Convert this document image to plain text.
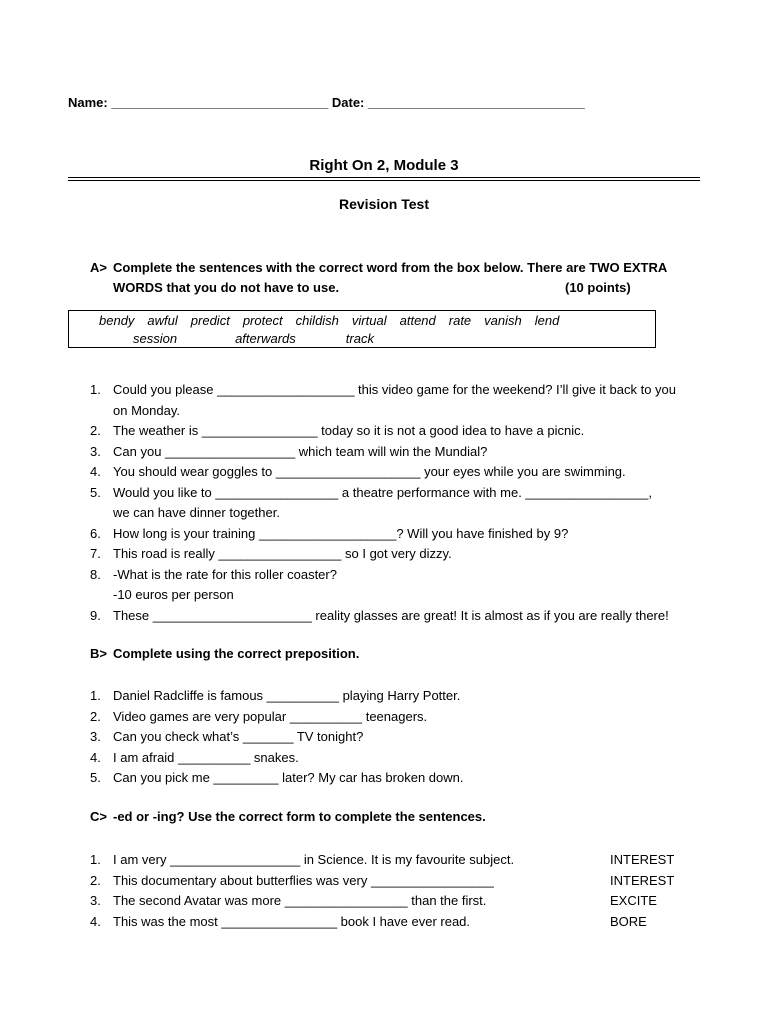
Name: ______________________________ Date: ______________________________
Right On 2, Module 3
Revision Test
A> Complete the sentences with the correct word from the box below. There are TWO EXTRA
WORDS that you do not have to use.	(10 points)
bendy awful predict protect childish virtual attend rate vanish lend
session	afterwards	track
1. Could you please ___________________ this video game for the weekend? I’ll give it back to you
on Monday.
2. The weather is ________________ today so it is not a good idea to have a picnic.
3. Can you __________________ which team will win the Mundial?
4. You should wear goggles to ____________________ your eyes while you are swimming.
5. Would you like to _________________ a theatre performance with me. _________________,
we can have dinner together.
6. How long is your training ___________________? Will you have finished by 9?
7. This road is really _________________ so I got very dizzy.
8. -What is the rate for this roller coaster?
-10 euros per person
9. These ______________________ reality glasses are great! It is almost as if you are really there!
B> Complete using the correct preposition.
1. Daniel Radcliffe is famous __________ playing Harry Potter.
2. Video games are very popular __________ teenagers.
3. Can you check what’s _______ TV tonight?
4. I am afraid __________ snakes.
5. Can you pick me _________ later? My car has broken down.
C> -ed or -ing? Use the correct form to complete the sentences.
1. I am very __________________ in Science. It is my favourite subject.	INTEREST
2. This documentary about butterflies was very _________________	INTEREST
3. The second Avatar was more _________________ than the first.	EXCITE
4. This was the most ________________ book I have ever read.	BORE
